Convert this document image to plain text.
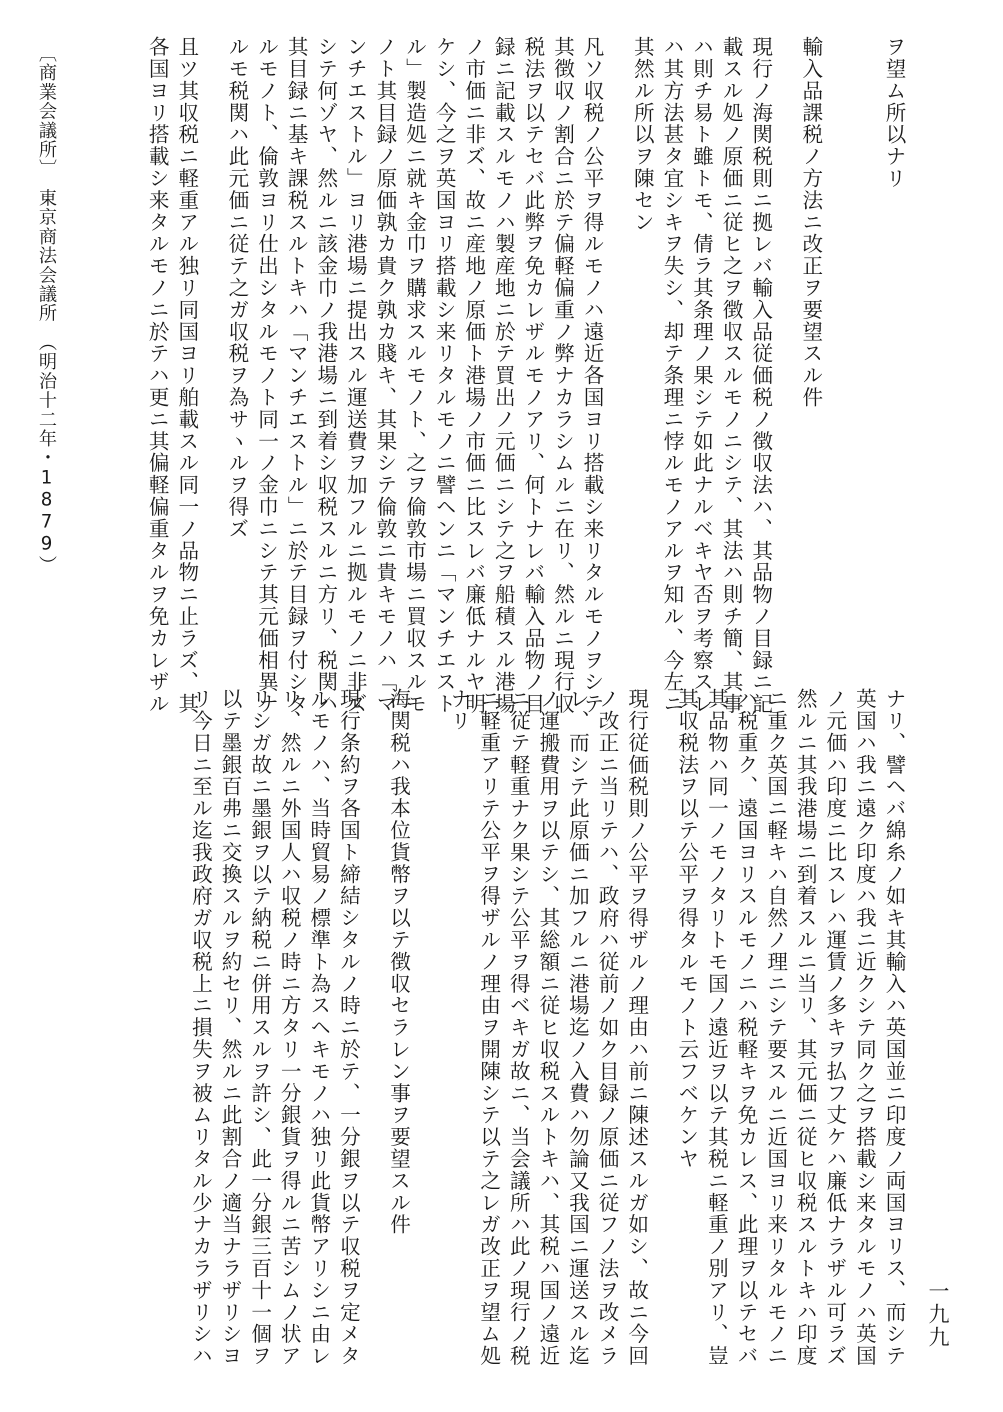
ヲ望ム所以ナリ
輸入品課税ノ方法ニ改正ヲ要望スル件
現行ノ海関税則ニ拠レバ輸入品従価税ノ徴収法ハ、其品物ノ目録ニ記
載スル処ノ原価ニ従ヒ之ヲ徴収スルモノニシテ、其法ハ則チ簡、其事
ハ則チ易ト雖トモ、倩ラ其条理ノ果シテ如此ナルベキヤ否ヲ考察スレ
ハ其方法甚タ宜シキヲ失シ、却テ条理ニ悖ルモノアルヲ知ル、今左ニ
其然ル所以ヲ陳セン
凡ソ収税ノ公平ヲ得ルモノハ遠近各国ヨリ搭載シ来リタルモノヲシテ
其徴収ノ割合ニ於テ偏軽偏重ノ弊ナカラシムルニ在リ、然ルニ現行収
税法ヲ以テセバ此弊ヲ免カレザルモノアリ、何トナレバ輸入品物ノ目
録ニ記載スルモノハ製産地ニ於テ買出ノ元価ニシテ之ヲ船積スル港場
ノ市価ニ非ズ、故ニ産地ノ原価ト港場ノ市価ニ比スレバ廉低ナルヤ明
ケシ、今之ヲ英国ヨリ搭載シ来リタルモノニ譬ヘンニ「マンチエスト
ル」製造処ニ就キ金巾ヲ購求スルモノト、之ヲ倫敦市場ニ買収スルモ
ノト其目録ノ原価孰カ貴ク孰カ賤キ、其果シテ倫敦ニ貴キモノハ「マ
ンチエストル」ヨリ港場ニ提出スル運送費ヲ加フルニ拠ルモノニ非ズ
シテ何ゾヤ、然ルニ該金巾ノ我港場ニ到着シ収税スルニ方リ、税関ハ
其目録ニ基キ課税スルトキハ「マンチエストル」ニ於テ目録ヲ付シタ
ルモノト、倫敦ヨリ仕出シタルモノト同一ノ金巾ニシテ其元価相異ナ
ルモ税関ハ此元価ニ従テ之ガ収税ヲ為サヽルヲ得ズ
且ツ其収税ニ軽重アル独リ同国ヨリ舶載スル同一ノ品物ニ止ラズ、其
各国ヨリ搭載シ来タルモノニ於テハ更ニ其偏軽偏重タルヲ免カレザル
ナリ、譬ヘバ綿糸ノ如キ其輸入ハ英国並ニ印度ノ両国ヨリス、而シテ
英国ハ我ニ遠ク印度ハ我ニ近クシテ同ク之ヲ搭載シ来タルモノハ英国
ノ元価ハ印度ニ比スレハ運賃ノ多キヲ払フ丈ケハ廉低ナラザル可ラズ
然ルニ其我港場ニ到着スルニ当リ、其元価ニ従ヒ収税スルトキハ印度
ニ重ク英国ニ軽キハ自然ノ理ニシテ要スルニ近国ヨリ来リタルモノニ
ハ税重ク、遠国ヨリスルモノニハ税軽キヲ免カレス、此理ヲ以テセバ
其品物ハ同一ノモノタリトモ国ノ遠近ヲ以テ其税ニ軽重ノ別アリ、豈
其収税法ヲ以テ公平ヲ得タルモノト云フベケンヤ
現行従価税則ノ公平ヲ得ザルノ理由ハ前ニ陳述スルガ如シ、故ニ今回
ノ改正ニ当リテハ、政府ハ従前ノ如ク目録ノ原価ニ従フノ法ヲ改メラ
レ、而シテ此原価ニ加フルニ港場迄ノ入費ハ勿論又我国ニ運送スル迄
ノ運搬費用ヲ以テシ、其総額ニ従ヒ収税スルトキハ、其税ハ国ノ遠近
ニ従テ軽重ナク果シテ公平ヲ得ベキガ故ニ、当会議所ハ此ノ現行ノ税
ニ軽重アリテ公平ヲ得ザルノ理由ヲ開陳シテ以テ之レガ改正ヲ望ム処
ナリ
海関税ハ我本位貨幣ヲ以テ徴収セラレン事ヲ要望スル件
現行条約ヲ各国ト締結シタルノ時ニ於テ、一分銀ヲ以テ収税ヲ定メタ
ルモノハ、当時貿易ノ標準ト為スヘキモノハ独リ此貨幣アリシニ由レ
リ、然ルニ外国人ハ収税ノ時ニ方タリ一分銀貨ヲ得ルニ苦シムノ状ア
リシガ故ニ墨銀ヲ以テ納税ニ併用スルヲ許シ、此一分銀三百十一個ヲ
以テ墨銀百弗ニ交換スルヲ約セリ、然ルニ此割合ノ適当ナラザリシヨ
リ今日ニ至ル迄我政府ガ収税上ニ損失ヲ被ムリタル少ナカラザリシハ
〔商業会議所〕　東京商法会議所　（明治十二年・1879）
一九九
